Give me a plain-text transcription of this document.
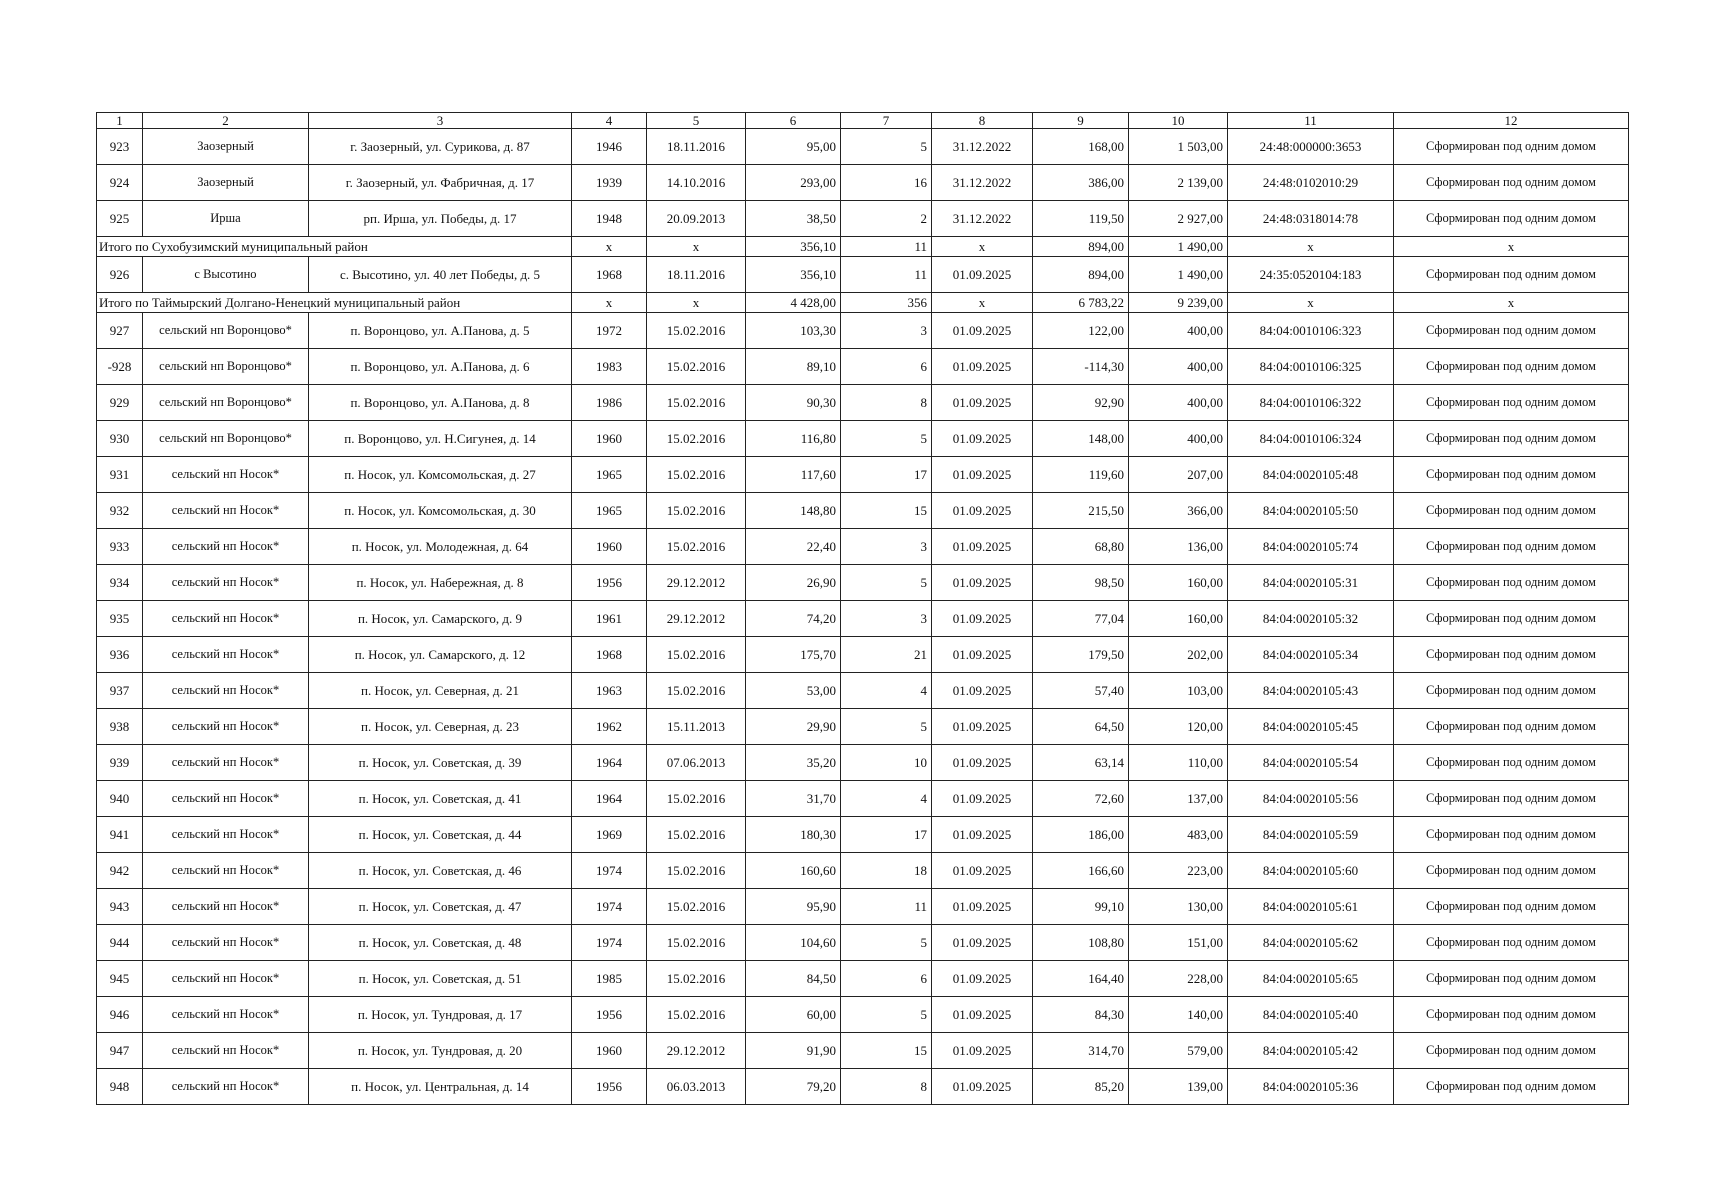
1	2	3	4	5	6	7	8	9	10	11	12
923	Заозерный	г. Заозерный, ул. Сурикова, д. 87	1946	18.11.2016	95,00	5	31.12.2022	168,00	1 503,00	24:48:000000:3653	Сформирован под одним домом
924	Заозерный	г. Заозерный, ул. Фабричная, д. 17	1939	14.10.2016	293,00	16	31.12.2022	386,00	2 139,00	24:48:0102010:29	Сформирован под одним домом
925	Ирша	рп. Ирша, ул. Победы, д. 17	1948	20.09.2013	38,50	2	31.12.2022	119,50	2 927,00	24:48:0318014:78	Сформирован под одним домом
Итого по Сухобузимский муниципальный район			x	x	356,10	11	x	894,00	1 490,00	x	x
926	с Высотино	с. Высотино, ул. 40 лет Победы, д. 5	1968	18.11.2016	356,10	11	01.09.2025	894,00	1 490,00	24:35:0520104:183	Сформирован под одним домом
Итого по Таймырский Долгано-Ненецкий муниципальный район			x	x	4 428,00	356	x	6 783,22	9 239,00	x	x
927	сельский нп Воронцово*	п. Воронцово, ул. А.Панова, д. 5	1972	15.02.2016	103,30	3	01.09.2025	122,00	400,00	84:04:0010106:323	Сформирован под одним домом
-928	сельский нп Воронцово*	п. Воронцово, ул. А.Панова, д. 6	1983	15.02.2016	89,10	6	01.09.2025	-114,30	400,00	84:04:0010106:325	Сформирован под одним домом
929	сельский нп Воронцово*	п. Воронцово, ул. А.Панова, д. 8	1986	15.02.2016	90,30	8	01.09.2025	92,90	400,00	84:04:0010106:322	Сформирован под одним домом
930	сельский нп Воронцово*	п. Воронцово, ул. Н.Сигунея, д. 14	1960	15.02.2016	116,80	5	01.09.2025	148,00	400,00	84:04:0010106:324	Сформирован под одним домом
931	сельский нп Носок*	п. Носок, ул. Комсомольская, д. 27	1965	15.02.2016	117,60	17	01.09.2025	119,60	207,00	84:04:0020105:48	Сформирован под одним домом
932	сельский нп Носок*	п. Носок, ул. Комсомольская, д. 30	1965	15.02.2016	148,80	15	01.09.2025	215,50	366,00	84:04:0020105:50	Сформирован под одним домом
933	сельский нп Носок*	п. Носок, ул. Молодежная, д. 64	1960	15.02.2016	22,40	3	01.09.2025	68,80	136,00	84:04:0020105:74	Сформирован под одним домом
934	сельский нп Носок*	п. Носок, ул. Набережная, д. 8	1956	29.12.2012	26,90	5	01.09.2025	98,50	160,00	84:04:0020105:31	Сформирован под одним домом
935	сельский нп Носок*	п. Носок, ул. Самарского, д. 9	1961	29.12.2012	74,20	3	01.09.2025	77,04	160,00	84:04:0020105:32	Сформирован под одним домом
936	сельский нп Носок*	п. Носок, ул. Самарского, д. 12	1968	15.02.2016	175,70	21	01.09.2025	179,50	202,00	84:04:0020105:34	Сформирован под одним домом
937	сельский нп Носок*	п. Носок, ул. Северная, д. 21	1963	15.02.2016	53,00	4	01.09.2025	57,40	103,00	84:04:0020105:43	Сформирован под одним домом
938	сельский нп Носок*	п. Носок, ул. Северная, д. 23	1962	15.11.2013	29,90	5	01.09.2025	64,50	120,00	84:04:0020105:45	Сформирован под одним домом
939	сельский нп Носок*	п. Носок, ул. Советская, д. 39	1964	07.06.2013	35,20	10	01.09.2025	63,14	110,00	84:04:0020105:54	Сформирован под одним домом
940	сельский нп Носок*	п. Носок, ул. Советская, д. 41	1964	15.02.2016	31,70	4	01.09.2025	72,60	137,00	84:04:0020105:56	Сформирован под одним домом
941	сельский нп Носок*	п. Носок, ул. Советская, д. 44	1969	15.02.2016	180,30	17	01.09.2025	186,00	483,00	84:04:0020105:59	Сформирован под одним домом
942	сельский нп Носок*	п. Носок, ул. Советская, д. 46	1974	15.02.2016	160,60	18	01.09.2025	166,60	223,00	84:04:0020105:60	Сформирован под одним домом
943	сельский нп Носок*	п. Носок, ул. Советская, д. 47	1974	15.02.2016	95,90	11	01.09.2025	99,10	130,00	84:04:0020105:61	Сформирован под одним домом
944	сельский нп Носок*	п. Носок, ул. Советская, д. 48	1974	15.02.2016	104,60	5	01.09.2025	108,80	151,00	84:04:0020105:62	Сформирован под одним домом
945	сельский нп Носок*	п. Носок, ул. Советская, д. 51	1985	15.02.2016	84,50	6	01.09.2025	164,40	228,00	84:04:0020105:65	Сформирован под одним домом
946	сельский нп Носок*	п. Носок, ул. Тундровая, д. 17	1956	15.02.2016	60,00	5	01.09.2025	84,30	140,00	84:04:0020105:40	Сформирован под одним домом
947	сельский нп Носок*	п. Носок, ул. Тундровая, д. 20	1960	29.12.2012	91,90	15	01.09.2025	314,70	579,00	84:04:0020105:42	Сформирован под одним домом
948	сельский нп Носок*	п. Носок, ул. Центральная, д. 14	1956	06.03.2013	79,20	8	01.09.2025	85,20	139,00	84:04:0020105:36	Сформирован под одним домом
